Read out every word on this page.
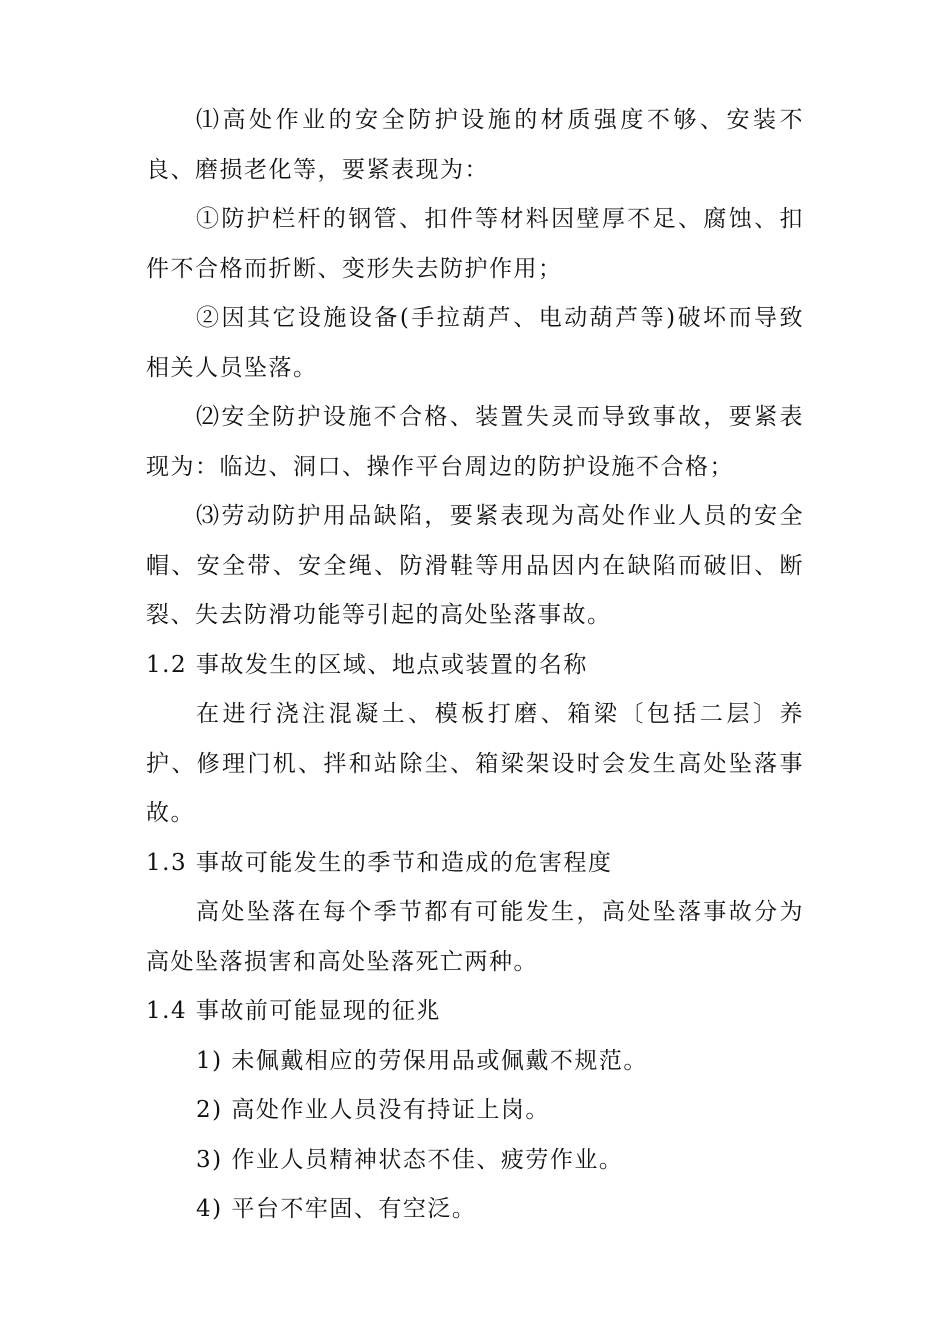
⑴高处作业的安全防护设施的材质强度不够、安装不良、磨损老化等，要紧表现为：

①防护栏杆的钢管、扣件等材料因壁厚不足、腐蚀、扣件不合格而折断、变形失去防护作用；

②因其它设施设备(手拉葫芦、电动葫芦等)破坏而导致相关人员坠落。

⑵安全防护设施不合格、装置失灵而导致事故，要紧表现为：临边、洞口、操作平台周边的防护设施不合格；

⑶劳动防护用品缺陷，要紧表现为高处作业人员的安全帽、安全带、安全绳、防滑鞋等用品因内在缺陷而破旧、断裂、失去防滑功能等引起的高处坠落事故。

1.2 事故发生的区域、地点或装置的名称

在进行浇注混凝土、模板打磨、箱梁〔包括二层〕养护、修理门机、拌和站除尘、箱梁架设时会发生高处坠落事故。

1.3 事故可能发生的季节和造成的危害程度

高处坠落在每个季节都有可能发生，高处坠落事故分为高处坠落损害和高处坠落死亡两种。

1.4 事故前可能显现的征兆

1) 未佩戴相应的劳保用品或佩戴不规范。

2) 高处作业人员没有持证上岗。

3) 作业人员精神状态不佳、疲劳作业。

4) 平台不牢固、有空泛。
